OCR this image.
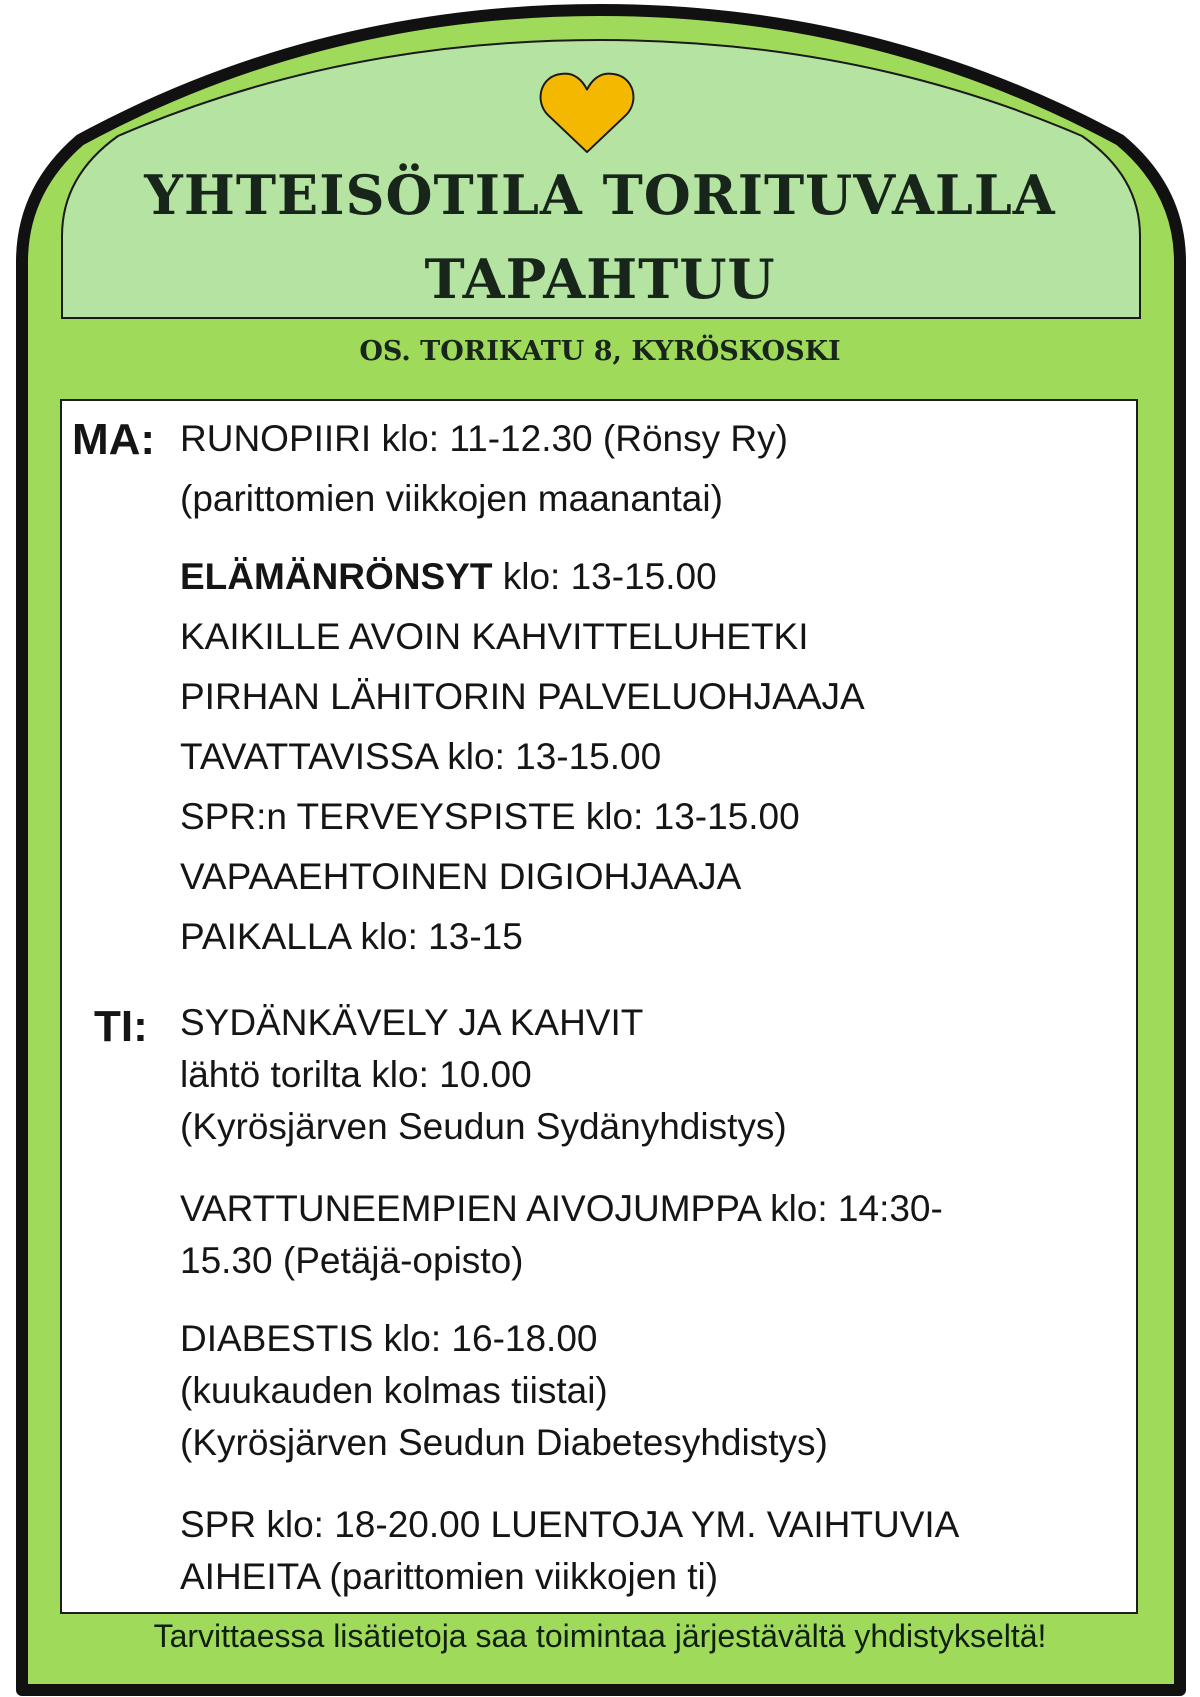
YHTEISÖTILA TORITUVALLA
TAPAHTUU
OS. TORIKATU 8, KYRÖSKOSKI
MA: RUNOPIIRI klo: 11-12.30 (Rönsy Ry)
(parittomien viikkojen maanantai)
ELÄMÄNRÖNSYT klo: 13-15.00
KAIKILLE AVOIN KAHVITTELUHETKI
PIRHAN LÄHITORIN PALVELUOHJAAJA
TAVATTAVISSA klo: 13-15.00
SPR:n TERVEYSPISTE klo: 13-15.00
VAPAAEHTOINEN DIGIOHJAAJA
PAIKALLA klo: 13-15
TI: SYDÄNKÄVELY JA KAHVIT
lähtö torilta klo: 10.00
(Kyrösjärven Seudun Sydänyhdistys)
VARTTUNEEMPIEN AIVOJUMPPA klo: 14:30-
15.30 (Petäjä-opisto)
DIABESTIS klo: 16-18.00
(kuukauden kolmas tiistai)
(Kyrösjärven Seudun Diabetesyhdistys)
SPR klo: 18-20.00 LUENTOJA YM. VAIHTUVIA
AIHEITA (parittomien viikkojen ti)
Tarvittaessa lisätietoja saa toimintaa järjestävältä yhdistykseltä!
